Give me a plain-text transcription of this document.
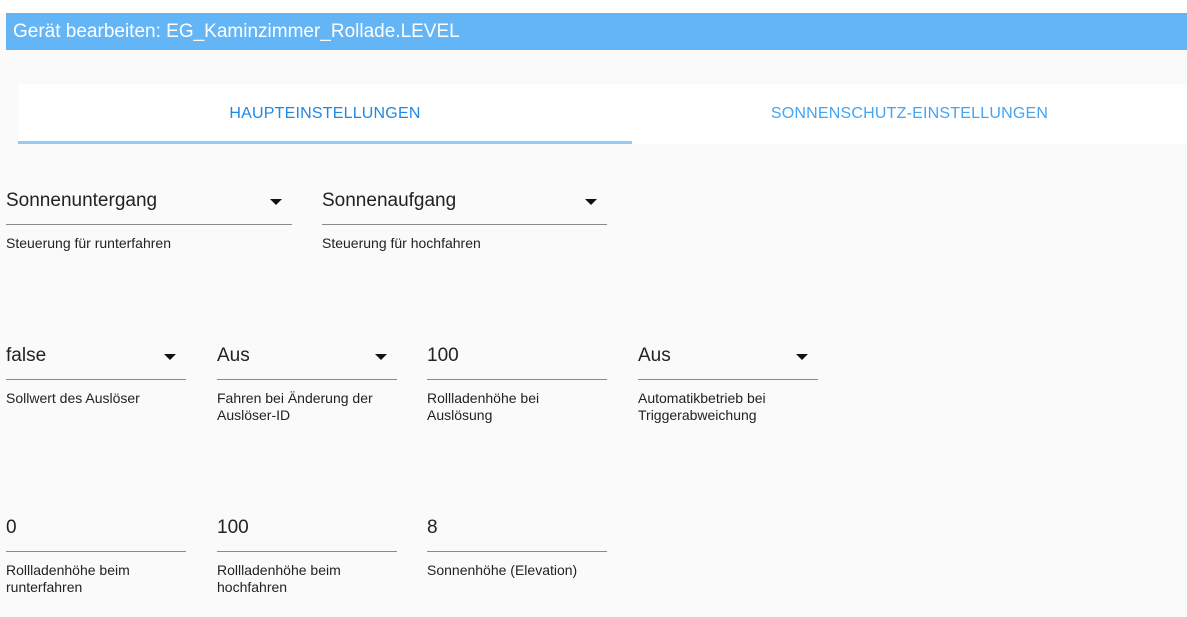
Gerät bearbeiten: EG_Kaminzimmer_Rollade.LEVEL
HAUPTEINSTELLUNGEN	SONNENSCHUTZ-EINSTELLUNGEN
Sonnenuntergang
Steuerung für runterfahren
Sonnenaufgang
Steuerung für hochfahren
false
Sollwert des Auslöser
Aus
Fahren bei Änderung der Auslöser-ID
100
Rollladenhöhe bei Auslösung
Aus
Automatikbetrieb bei Triggerabweichung
0
Rollladenhöhe beim runterfahren
100
Rollladenhöhe beim hochfahren
8
Sonnenhöhe (Elevation)
